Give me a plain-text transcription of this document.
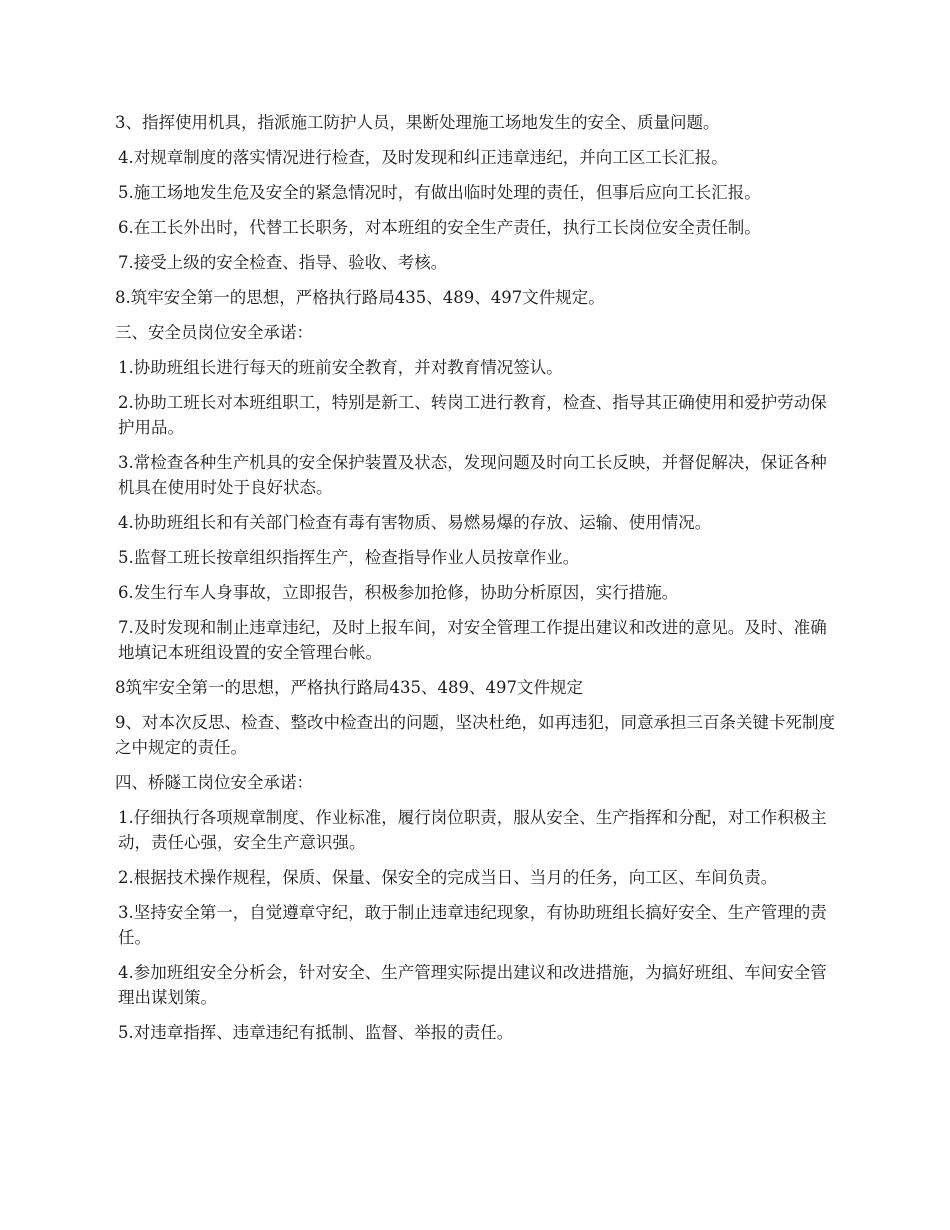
3、指挥使用机具，指派施工防护人员，果断处理施工场地发生的安全、质量问题。

4.对规章制度的落实情况进行检查，及时发现和纠正违章违纪，并向工区工长汇报。

5.施工场地发生危及安全的紧急情况时，有做出临时处理的责任，但事后应向工长汇报。

6.在工长外出时，代替工长职务，对本班组的安全生产责任，执行工长岗位安全责任制。

7.接受上级的安全检查、指导、验收、考核。

8.筑牢安全第一的思想，严格执行路局435、489、497文件规定。

三、安全员岗位安全承诺：

1.协助班组长进行每天的班前安全教育，并对教育情况签认。

2.协助工班长对本班组职工，特别是新工、转岗工进行教育，检查、指导其正确使用和爱护劳动保护用品。

3.常检查各种生产机具的安全保护装置及状态，发现问题及时向工长反映，并督促解决，保证各种机具在使用时处于良好状态。

4.协助班组长和有关部门检查有毒有害物质、易燃易爆的存放、运输、使用情况。

5.监督工班长按章组织指挥生产，检查指导作业人员按章作业。

6.发生行车人身事故，立即报告，积极参加抢修，协助分析原因，实行措施。

7.及时发现和制止违章违纪，及时上报车间，对安全管理工作提出建议和改进的意见。及时、准确地填记本班组设置的安全管理台帐。

8筑牢安全第一的思想，严格执行路局435、489、497文件规定

9、对本次反思、检查、整改中检查出的问题，坚决杜绝，如再违犯，同意承担三百条关键卡死制度之中规定的责任。

四、桥隧工岗位安全承诺：

1.仔细执行各项规章制度、作业标准，履行岗位职责，服从安全、生产指挥和分配，对工作积极主动，责任心强，安全生产意识强。

2.根据技术操作规程，保质、保量、保安全的完成当日、当月的任务，向工区、车间负责。

3.坚持安全第一，自觉遵章守纪，敢于制止违章违纪现象，有协助班组长搞好安全、生产管理的责任。

4.参加班组安全分析会，针对安全、生产管理实际提出建议和改进措施，为搞好班组、车间安全管理出谋划策。

5.对违章指挥、违章违纪有抵制、监督、举报的责任。
